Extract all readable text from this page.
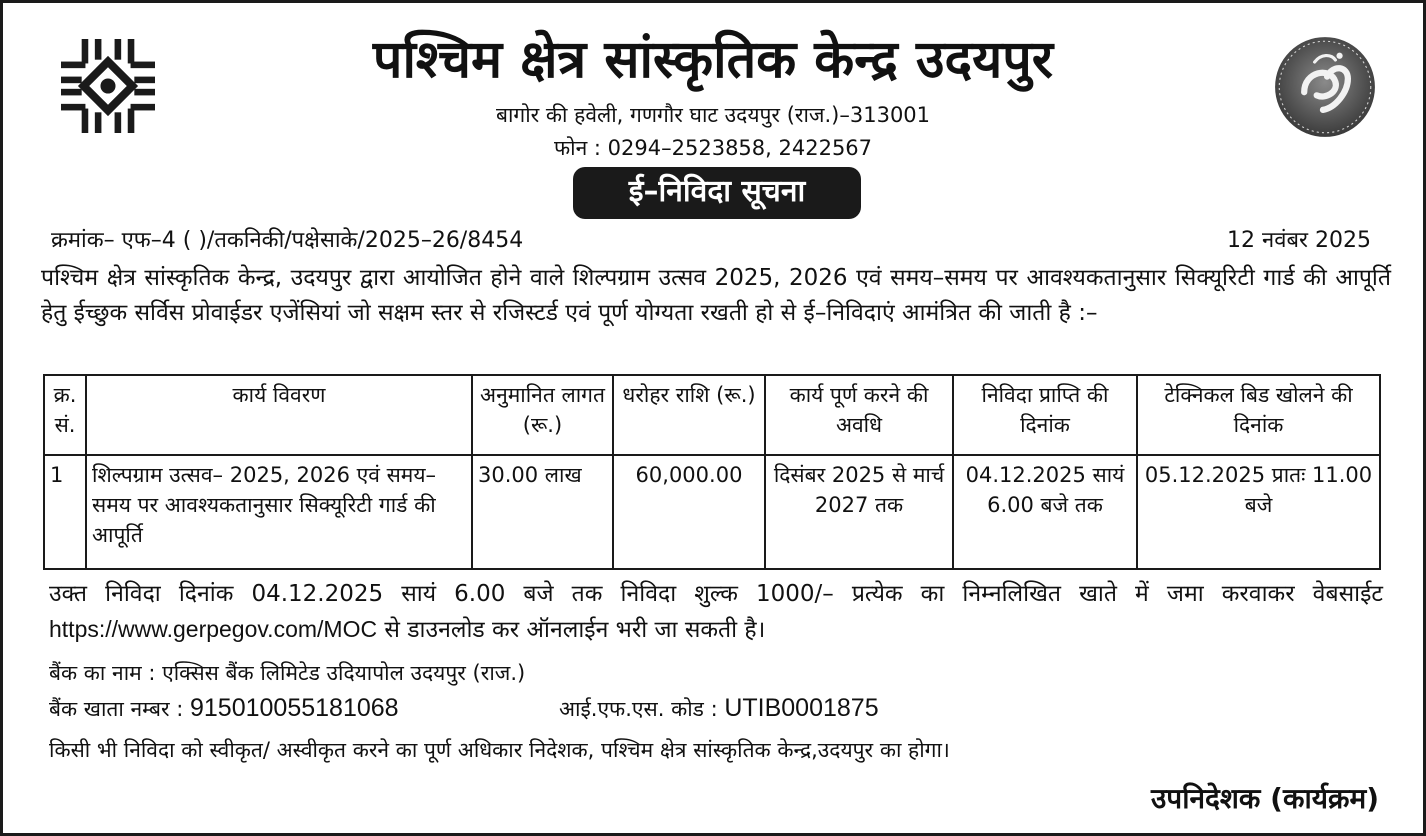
पश्चिम क्षेत्र सांस्कृतिक केन्द्र उदयपुर
बागोर की हवेली, गणगौर घाट उदयपुर (राज.)–313001
फोन : 0294–2523858, 2422567
ई–निविदा सूचना
क्रमांक– एफ–4 ( )/तकनिकी/पक्षेसाके/2025–26/8454	12 नवंबर 2025
पश्चिम क्षेत्र सांस्कृतिक केन्द्र, उदयपुर द्वारा आयोजित होने वाले शिल्पग्राम उत्सव 2025, 2026 एवं समय–समय पर आवश्यकतानुसार सिक्यूरिटी गार्ड की आपूर्ति हेतु ईच्छुक सर्विस प्रोवाईडर एजेंसियां जो सक्षम स्तर से रजिस्टर्ड एवं पूर्ण योग्यता रखती हो से ई–निविदाएं आमंत्रित की जाती है :–
क्र. सं.	कार्य विवरण	अनुमानित लागत (रू.)	धरोहर राशि (रू.)	कार्य पूर्ण करने की अवधि	निविदा प्राप्ति की दिनांक	टेक्निकल बिड खोलने की दिनांक
1	शिल्पग्राम उत्सव– 2025, 2026 एवं समय–समय पर आवश्यकतानुसार सिक्यूरिटी गार्ड की आपूर्ति	30.00 लाख	60,000.00	दिसंबर 2025 से मार्च 2027 तक	04.12.2025 सायं 6.00 बजे तक	05.12.2025 प्रातः 11.00 बजे
उक्त निविदा दिनांक 04.12.2025 सायं 6.00 बजे तक निविदा शुल्क 1000/– प्रत्येक का निम्नलिखित खाते में जमा करवाकर वेबसाईट https://www.gerpegov.com/MOC से डाउनलोड कर ऑनलाईन भरी जा सकती है।
बैंक का नाम : एक्सिस बैंक लिमिटेड उदियापोल उदयपुर (राज.)
बैंक खाता नम्बर : 915010055181068	आई.एफ.एस. कोड : UTIB0001875
किसी भी निविदा को स्वीकृत/ अस्वीकृत करने का पूर्ण अधिकार निदेशक, पश्चिम क्षेत्र सांस्कृतिक केन्द्र,उदयपुर का होगा।
उपनिदेशक (कार्यक्रम)
